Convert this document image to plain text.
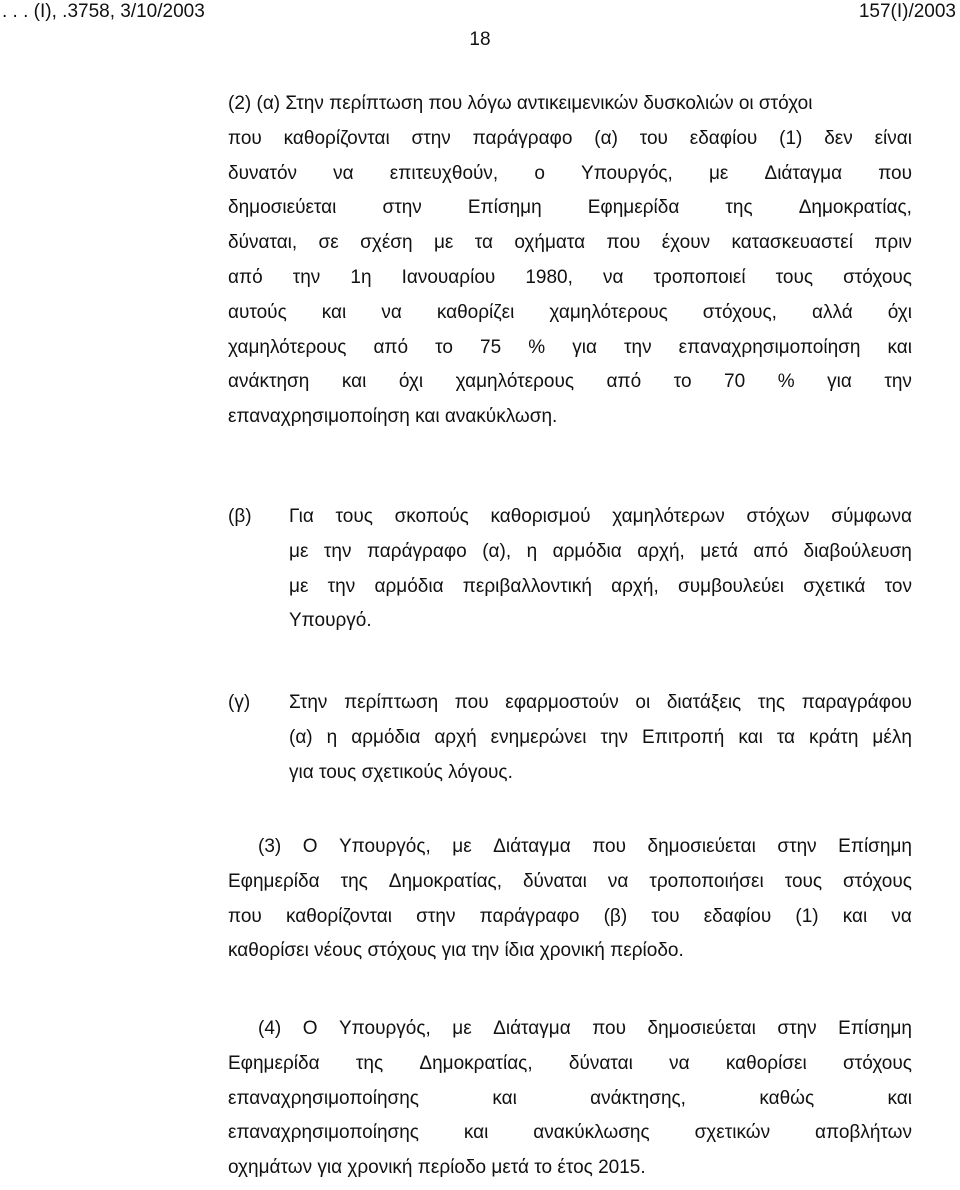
. . . (Ι), .3758, 3/10/2003	157(Ι)/2003
18
(2) (α) Στην περίπτωση που λόγω αντικειμενικών δυσκολιών οι στόχοι
που καθορίζονται στην παράγραφο (α) του εδαφίου (1) δεν είναι
δυνατόν να επιτευχθούν, ο Υπουργός, με Διάταγμα που
δημοσιεύεται στην Επίσημη Εφημερίδα της Δημοκρατίας,
δύναται, σε σχέση με τα οχήματα που έχουν κατασκευαστεί πριν
από την 1η Ιανουαρίου 1980, να τροποποιεί τους στόχους
αυτούς και να καθορίζει χαμηλότερους στόχους, αλλά όχι
χαμηλότερους από το 75 % για την επαναχρησιμοποίηση και
ανάκτηση και όχι χαμηλότερους από το 70 % για την
επαναχρησιμοποίηση και ανακύκλωση.
(β) Για τους σκοπούς καθορισμού χαμηλότερων στόχων σύμφωνα
με την παράγραφο (α), η αρμόδια αρχή, μετά από διαβούλευση
με την αρμόδια περιβαλλοντική αρχή, συμβουλεύει σχετικά τον
Υπουργό.
(γ) Στην περίπτωση που εφαρμοστούν οι διατάξεις της παραγράφου
(α) η αρμόδια αρχή ενημερώνει την Επιτροπή και τα κράτη μέλη
για τους σχετικούς λόγους.
(3) Ο Υπουργός, με Διάταγμα που δημοσιεύεται στην Επίσημη
Εφημερίδα της Δημοκρατίας, δύναται να τροποποιήσει τους στόχους
που καθορίζονται στην παράγραφο (β) του εδαφίου (1) και να
καθορίσει νέους στόχους για την ίδια χρονική περίοδο.
(4) Ο Υπουργός, με Διάταγμα που δημοσιεύεται στην Επίσημη
Εφημερίδα της Δημοκρατίας, δύναται να καθορίσει στόχους
επαναχρησιμοποίησης	και	ανάκτησης,	καθώς	και
επαναχρησιμοποίησης και ανακύκλωσης σχετικών αποβλήτων
οχημάτων για χρονική περίοδο μετά το έτος 2015.
